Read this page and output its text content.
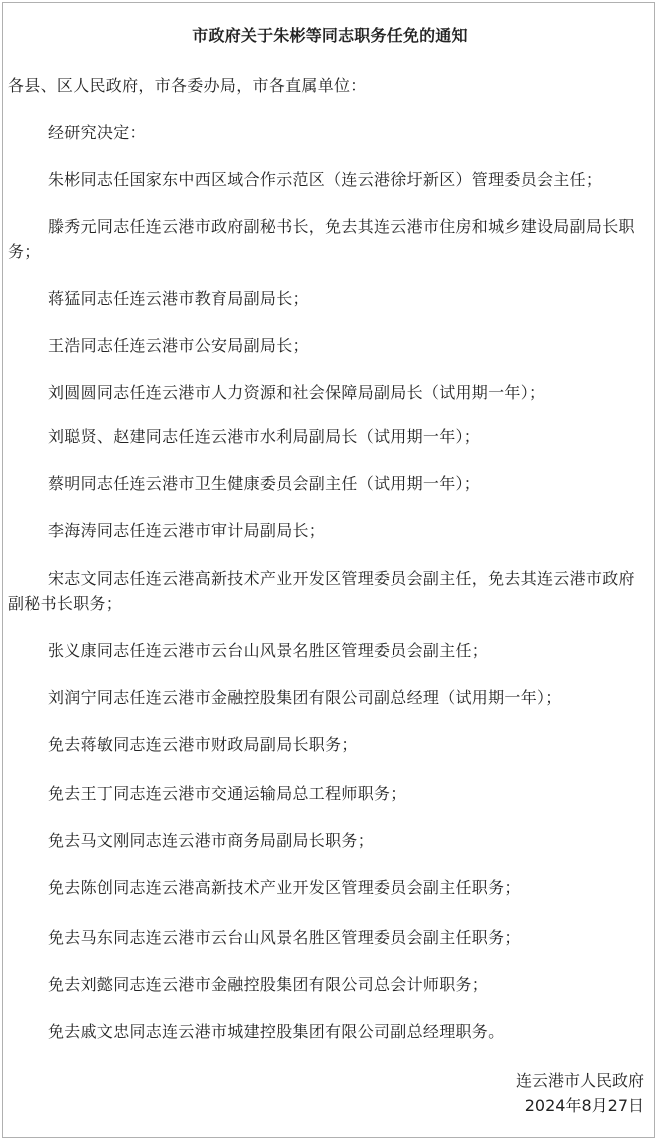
市政府关于朱彬等同志职务任免的通知
各县、区人民政府，市各委办局，市各直属单位：
经研究决定：
朱彬同志任国家东中西区域合作示范区（连云港徐圩新区）管理委员会主任；
滕秀元同志任连云港市政府副秘书长，免去其连云港市住房和城乡建设局副局长职
务；
蒋猛同志任连云港市教育局副局长；
王浩同志任连云港市公安局副局长；
刘圆圆同志任连云港市人力资源和社会保障局副局长（试用期一年）；
刘聪贤、赵建同志任连云港市水利局副局长（试用期一年）；
蔡明同志任连云港市卫生健康委员会副主任（试用期一年）；
李海涛同志任连云港市审计局副局长；
宋志文同志任连云港高新技术产业开发区管理委员会副主任，免去其连云港市政府
副秘书长职务；
张义康同志任连云港市云台山风景名胜区管理委员会副主任；
刘润宁同志任连云港市金融控股集团有限公司副总经理（试用期一年）；
免去蒋敏同志连云港市财政局副局长职务；
免去王丁同志连云港市交通运输局总工程师职务；
免去马文刚同志连云港市商务局副局长职务；
免去陈创同志连云港高新技术产业开发区管理委员会副主任职务；
免去马东同志连云港市云台山风景名胜区管理委员会副主任职务；
免去刘懿同志连云港市金融控股集团有限公司总会计师职务；
免去戚文忠同志连云港市城建控股集团有限公司副总经理职务。
连云港市人民政府
2024年8月27日
